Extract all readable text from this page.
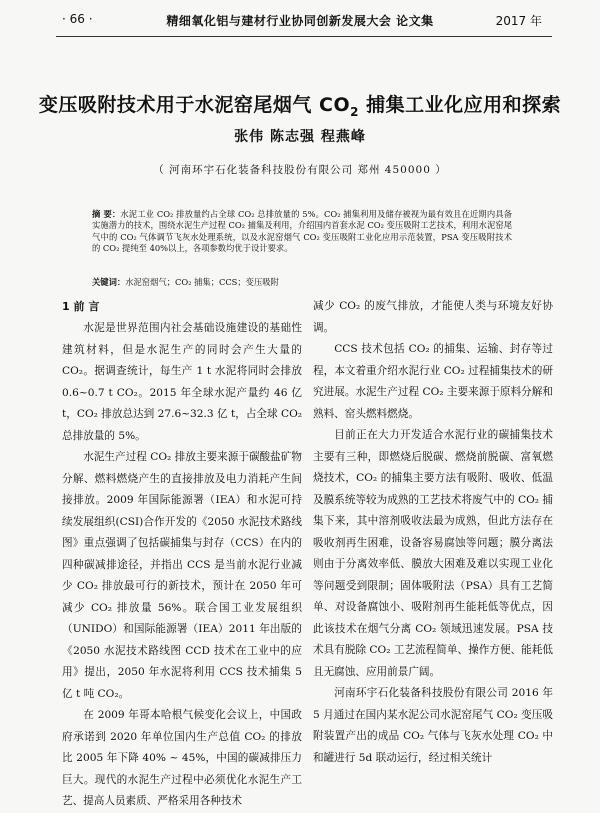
· 66 ·	精细氧化铝与建材行业协同创新发展大会 论文集	2017 年
变压吸附技术用于水泥窑尾烟气 $CO_2$ 捕集工业化应用和探索
张伟 陈志强 程燕峰
（ 河南环宇石化装备科技股份有限公司 郑州 450000 ）
摘 要：水泥工业 CO₂ 排放量约占全球 CO₂ 总排放量的 5%。CO₂ 捕集利用及储存被视为最有效且在近期内具备实施潜力的技术，围绕水泥生产过程 CO₂ 捕集及利用，介绍国内首套水泥 CO₂ 变压吸附工艺技术，利用水泥窑尾气中的 CO₂ 气体调节飞灰水处理系统，以及水泥窑烟气 CO₂ 变压吸附工业化应用示范装置，PSA 变压吸附技术的 CO₂ 提纯至 40%以上，各项参数均优于设计要求。
关键词：水泥窑烟气；CO₂ 捕集；CCS；变压吸附
1 前 言

水泥是世界范围内社会基础设施建设的基础性建筑材料，但是水泥生产的同时会产生大量的 CO₂。据调查统计，每生产 1 t 水泥将同时会排放 0.6~0.7 t CO₂。2015 年全球水泥产量约 46 亿 t，CO₂ 排放总达到 27.6~32.3 亿 t，占全球 CO₂ 总排放量的 5%。

水泥生产过程 CO₂ 排放主要来源于碳酸盐矿物分解、燃料燃烧产生的直接排放及电力消耗产生间接排放。2009 年国际能源署（IEA）和水泥可持续发展组织(CSI)合作开发的《2050 水泥技术路线图》重点强调了包括碳捕集与封存（CCS）在内的四种碳减排途径，并指出 CCS 是当前水泥行业减少 CO₂ 排放最可行的新技术，预计在 2050 年可减少 CO₂ 排放量 56%。联合国工业发展组织（UNIDO）和国际能源署（IEA）2011 年出版的《2050 水泥技术路线图 CCD 技术在工业中的应用》提出，2050 年水泥将利用 CCS 技术捕集 5 亿 t 吨 CO₂。

在 2009 年哥本哈根气候变化会议上，中国政府承诺到 2020 年单位国内生产总值 CO₂ 的排放比 2005 年下降 40% ~ 45%，中国的碳减排压力巨大。现代的水泥生产过程中必须优化水泥生产工艺、提高人员素质、严格采用各种技术

减少 CO₂ 的废气排放，才能使人类与环境友好协调。

CCS 技术包括 CO₂ 的捕集、运输、封存等过程，本文着重介绍水泥行业 CO₂ 过程捕集技术的研究进展。水泥生产过程 CO₂ 主要来源于原料分解和熟料、窑头燃料燃烧。

目前正在大力开发适合水泥行业的碳捕集技术主要有三种，即燃烧后脱碳、燃烧前脱碳、富氧燃烧技术，CO₂ 的捕集主要方法有吸附、吸收、低温及膜系统等较为成熟的工艺技术将废气中的 CO₂ 捕集下来，其中溶剂吸收法最为成熟，但此方法存在吸收剂再生困难，设备容易腐蚀等问题；膜分离法则由于分离效率低、膜放大困难及难以实现工业化等问题受到限制；固体吸附法（PSA）具有工艺简单、对设备腐蚀小、吸附剂再生能耗低等优点，因此该技术在烟气分离 CO₂ 领域迅速发展。PSA 技术具有脱除 CO₂ 工艺流程简单、操作方便、能耗低且无腐蚀、应用前景广阔。

河南环宇石化装备科技股份有限公司 2016 年 5 月通过在国内某水泥公司水泥窑尾气 CO₂ 变压吸附装置产出的成品 CO₂ 气体与飞灰水处理 CO₂ 中和罐进行 5d 联动运行，经过相关统计
